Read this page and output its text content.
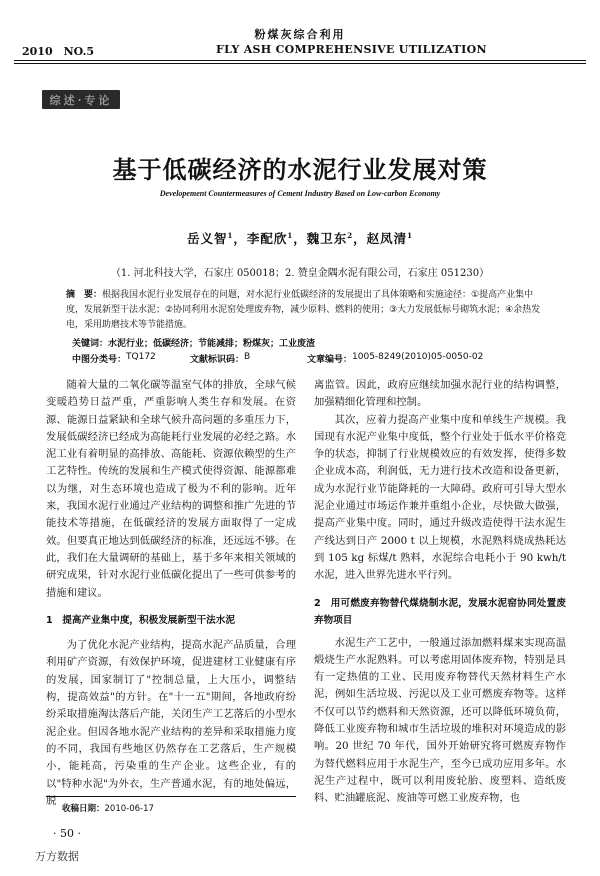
粉煤灰综合利用
2010　NO.5	FLY ASH COMPREHENSIVE UTILIZATION
综述·专论
基于低碳经济的水泥行业发展对策
Developement Countermeasures of Cement Industry Based on Low-carbon Economy
岳义智$^1$，李配欣$^1$，魏卫东$^2$，赵凤清$^1$
（1. 河北科技大学，石家庄 050018；2. 赞皇金隅水泥有限公司，石家庄 051230）
摘　要：根据我国水泥行业发展存在的问题，对水泥行业低碳经济的发展提出了具体策略和实施途径：①提高产业集中度，发展新型干法水泥；②协同利用水泥窑处理废弃物，减少原料、燃料的使用；③大力发展低标号砌筑水泥；④余热发电，采用助磨技术等节能措施。
关键词：水泥行业；低碳经济；节能减排；粉煤灰；工业废渣
中图分类号： TQ172	文献标识码： B	文章编号： 1005-8249(2010)05-0050-02

随着大量的二氧化碳等温室气体的排放，全球气候变暖趋势日益严重，严重影响人类生存和发展。在资源、能源日益紧缺和全球气候升高问题的多重压力下，发展低碳经济已经成为高能耗行业发展的必经之路。水泥工业有着明显的高排放、高能耗、资源依赖型的生产工艺特性。传统的发展和生产模式使得资源、能源都难以为继，对生态环境也造成了极为不利的影响。近年来，我国水泥行业通过产业结构的调整和推广先进的节能技术等措施，在低碳经济的发展方面取得了一定成效。但要真正地达到低碳经济的标准，还远远不够。在此，我们在大量调研的基础上，基于多年来相关领域的研究成果，针对水泥行业低碳化提出了一些可供参考的措施和建议。

1　提高产业集中度，积极发展新型干法水泥

为了优化水泥产业结构，提高水泥产品质量，合理利用矿产资源，有效保护环境，促进建材工业健康有序的发展，国家制订了"控制总量，上大压小，调整结构，提高效益"的方针。在"十一五"期间，各地政府纷纷采取措施淘汰落后产能，关闭生产工艺落后的小型水泥企业。但因各地水泥产业结构的差异和采取措施力度的不同，我国有些地区仍然存在工艺落后，生产规模小，能耗高，污染重的生产企业。这些企业，有的以"特种水泥"为外衣，生产普通水泥，有的地处偏远，脱

离监管。因此，政府应继续加强水泥行业的结构调整，加强精细化管理和控制。

其次，应着力提高产业集中度和单线生产规模。我国现有水泥产业集中度低，整个行业处于低水平价格竞争的状态，抑制了行业规模效应的有效发挥，使得多数企业成本高，利润低，无力进行技术改造和设备更新，成为水泥行业节能降耗的一大障碍。政府可引导大型水泥企业通过市场运作兼并重组小企业，尽快做大做强，提高产业集中度。同时，通过升级改造使得干法水泥生产线达到日产 2000 t 以上规模，水泥熟料烧成热耗达到 105 kg 标煤/t 熟料，水泥综合电耗小于 90 kwh/t 水泥，进入世界先进水平行列。

2　用可燃废弃物替代煤烧制水泥，发展水泥窑协同处置废弃物项目

水泥生产工艺中，一般通过添加燃料煤来实现高温煅烧生产水泥熟料。可以考虑用固体废弃物，特别是具有一定热值的工业、民用废弃物替代天然材料生产水泥，例如生活垃圾、污泥以及工业可燃废弃物等。这样不仅可以节约燃料和天然资源，还可以降低环境负荷，降低工业废弃物和城市生活垃圾的堆积对环境造成的影响。20 世纪 70 年代，国外开始研究将可燃废弃物作为替代燃料应用于水泥生产，至今已成功应用多年。水泥生产过程中，既可以利用废轮胎、废塑料、造纸废料、贮油罐底泥、废油等可燃工业废弃物，也

收稿日期：2010-06-17
· 50 ·
万方数据
